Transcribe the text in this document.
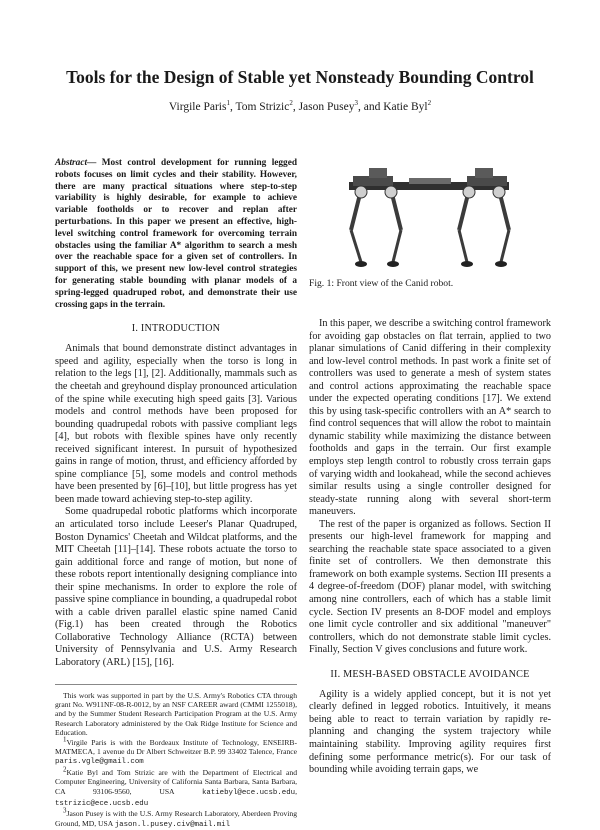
Tools for the Design of Stable yet Nonsteady Bounding Control
Virgile Paris$^1$, Tom Strizic$^2$, Jason Pusey$^3$, and Katie Byl$^2$
Abstract— Most control development for running legged robots focuses on limit cycles and their stability. However, there are many practical situations where step-to-step variability is highly desirable, for example to achieve variable footholds or to recover and replan after perturbations. In this paper we present an effective, high-level switching control framework for overcoming terrain obstacles using the familiar A* algorithm to search a mesh over the reachable space for a given set of controllers. In support of this, we present new low-level control strategies for generating stable bounding with planar models of a spring-legged quadruped robot, and demonstrate their use crossing gaps in the terrain.
I. INTRODUCTION

Animals that bound demonstrate distinct advantages in speed and agility, especially when the torso is long in relation to the legs [1], [2]. Additionally, mammals such as the cheetah and greyhound display pronounced articulation of the spine while executing high speed gaits [3]. Various models and control methods have been proposed for bounding quadrupedal robots with passive compliant legs [4], but robots with flexible spines have only recently received significant interest. In pursuit of hypothesized gains in range of motion, thrust, and efficiency afforded by spine compliance [5], some models and control methods have been presented by [6]–[10], but little progress has yet been made toward achieving step-to-step agility.

Some quadrupedal robotic platforms which incorporate an articulated torso include Leeser's Planar Quadruped, Boston Dynamics' Cheetah and Wildcat platforms, and the MIT Cheetah [11]–[14]. These robots actuate the torso to gain additional force and range of motion, but none of these robots report intentionally designing compliance into their spine mechanisms. In order to explore the role of passive spine compliance in bounding, a quadrupedal robot with a cable driven parallel elastic spine named Canid (Fig.1) has been created through the Robotics Collaborative Technology Alliance (RCTA) between University of Pennsylvania and U.S. Army Research Laboratory (ARL) [15], [16].

This work was supported in part by the U.S. Army's Robotics CTA through grant No. W911NF-08-R-0012, by an NSF CAREER award (CMMI 1255018), and by the Summer Student Research Participation Program at the U.S. Army Research Laboratory administered by the Oak Ridge Institute for Science and Education.

$^1$Virgile Paris is with the Bordeaux Institute of Technology, ENSEIRB-MATMECA, 1 avenue du Dr Albert Schweitzer B.P. 99 33402 Talence, France paris.vgle@gmail.com

$^2$Katie Byl and Tom Strizic are with the Department of Electrical and Computer Engineering, University of California Santa Barbara, Santa Barbara, CA 93106-9560, USA	katiebyl@ece.ucsb.edu, tstrizic@ece.ucsb.edu

$^3$Jason Pusey is with the U.S. Army Research Laboratory, Aberdeen Proving Ground, MD, USA jason.l.pusey.civ@mail.mil

Fig. 1: Front view of the Canid robot.

In this paper, we describe a switching control framework for avoiding gap obstacles on flat terrain, applied to two planar simulations of Canid differing in their complexity and low-level control methods. In past work a finite set of controllers was used to generate a mesh of system states and control actions approximating the reachable space under the expected operating conditions [17]. We extend this by using task-specific controllers with an A* search to find control sequences that will allow the robot to maintain dynamic stability while maximizing the distance between footholds and gaps in the terrain. Our first example employs step length control to robustly cross terrain gaps of varying width and lookahead, while the second achieves similar results using a single controller designed for steady-state running along with several short-term maneuvers.

The rest of the paper is organized as follows. Section II presents our high-level framework for mapping and searching the reachable state space associated to a given finite set of controllers. We then demonstrate this framework on both example systems. Section III presents a 4 degree-of-freedom (DOF) planar model, with switching among nine controllers, each of which has a stable limit cycle. Section IV presents an 8-DOF model and employs one limit cycle controller and six additional "maneuver" controllers, which do not demonstrate stable limit cycles. Finally, Section V gives conclusions and future work.

II. MESH-BASED OBSTACLE AVOIDANCE

Agility is a widely applied concept, but it is not yet clearly defined in legged robotics. Intuitively, it means being able to react to terrain variation by rapidly re-planning and changing the system trajectory while maintaining stability. Improving agility requires first defining some performance metric(s). For our task of bounding while avoiding terrain gaps, we
